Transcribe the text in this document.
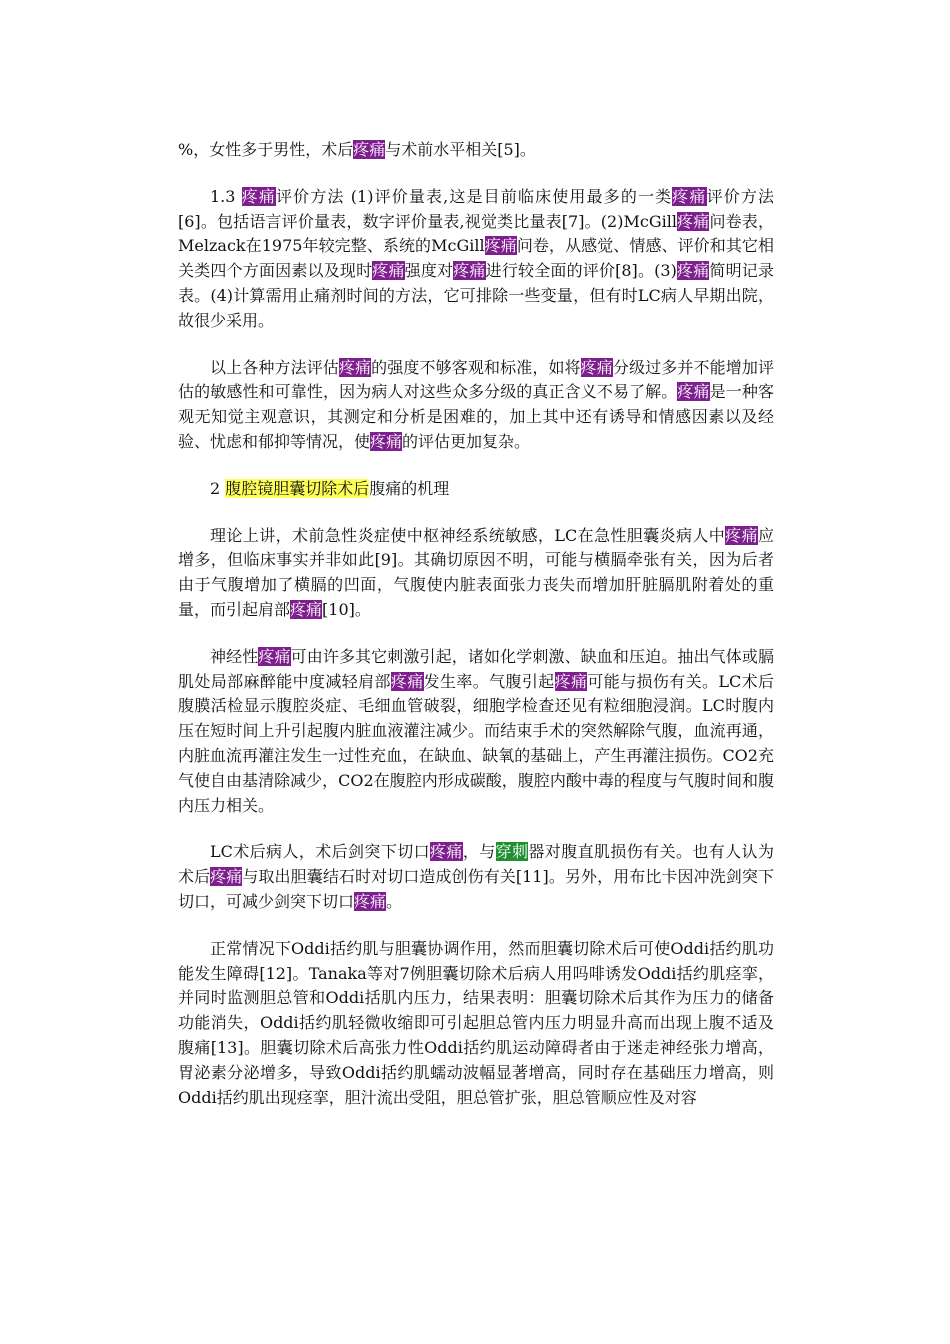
%，女性多于男性，术后疼痛与术前水平相关[5]。

1.3 疼痛评价方法 (1)评价量表,这是目前临床使用最多的一类疼痛评价方法[6]。包括语言评价量表，数字评价量表,视觉类比量表[7]。(2)McGill疼痛问卷表，Melzack在1975年较完整、系统的McGill疼痛问卷，从感觉、情感、评价和其它相关类四个方面因素以及现时疼痛强度对疼痛进行较全面的评价[8]。(3)疼痛简明记录表。(4)计算需用止痛剂时间的方法，它可排除一些变量，但有时LC病人早期出院，故很少采用。

以上各种方法评估疼痛的强度不够客观和标准，如将疼痛分级过多并不能增加评估的敏感性和可靠性，因为病人对这些众多分级的真正含义不易了解。疼痛是一种客观无知觉主观意识，其测定和分析是困难的，加上其中还有诱导和情感因素以及经验、忧虑和郁抑等情况，使疼痛的评估更加复杂。

2 腹腔镜胆囊切除术后腹痛的机理

理论上讲，术前急性炎症使中枢神经系统敏感，LC在急性胆囊炎病人中疼痛应增多，但临床事实并非如此[9]。其确切原因不明，可能与横膈牵张有关，因为后者由于气腹增加了横膈的凹面，气腹使内脏表面张力丧失而增加肝脏膈肌附着处的重量，而引起肩部疼痛[10]。

神经性疼痛可由许多其它刺激引起，诸如化学刺激、缺血和压迫。抽出气体或膈肌处局部麻醉能中度减轻肩部疼痛发生率。气腹引起疼痛可能与损伤有关。LC术后腹膜活检显示腹腔炎症、毛细血管破裂，细胞学检查还见有粒细胞浸润。LC时腹内压在短时间上升引起腹内脏血液灌注减少。而结束手术的突然解除气腹，血流再通，内脏血流再灌注发生一过性充血，在缺血、缺氧的基础上，产生再灌注损伤。CO2充气使自由基清除减少，CO2在腹腔内形成碳酸，腹腔内酸中毒的程度与气腹时间和腹内压力相关。

LC术后病人，术后剑突下切口疼痛，与穿刺器对腹直肌损伤有关。也有人认为术后疼痛与取出胆囊结石时对切口造成创伤有关[11]。另外，用布比卡因冲洗剑突下切口，可减少剑突下切口疼痛。

正常情况下Oddi括约肌与胆囊协调作用，然而胆囊切除术后可使Oddi括约肌功能发生障碍[12]。Tanaka等对7例胆囊切除术后病人用吗啡诱发Oddi括约肌痉挛，并同时监测胆总管和Oddi括肌内压力，结果表明：胆囊切除术后其作为压力的储备功能消失，Oddi括约肌轻微收缩即可引起胆总管内压力明显升高而出现上腹不适及腹痛[13]。胆囊切除术后高张力性Oddi括约肌运动障碍者由于迷走神经张力增高，胃泌素分泌增多，导致Oddi括约肌蠕动波幅显著增高，同时存在基础压力增高，则Oddi括约肌出现痉挛，胆汁流出受阻，胆总管扩张，胆总管顺应性及对容
